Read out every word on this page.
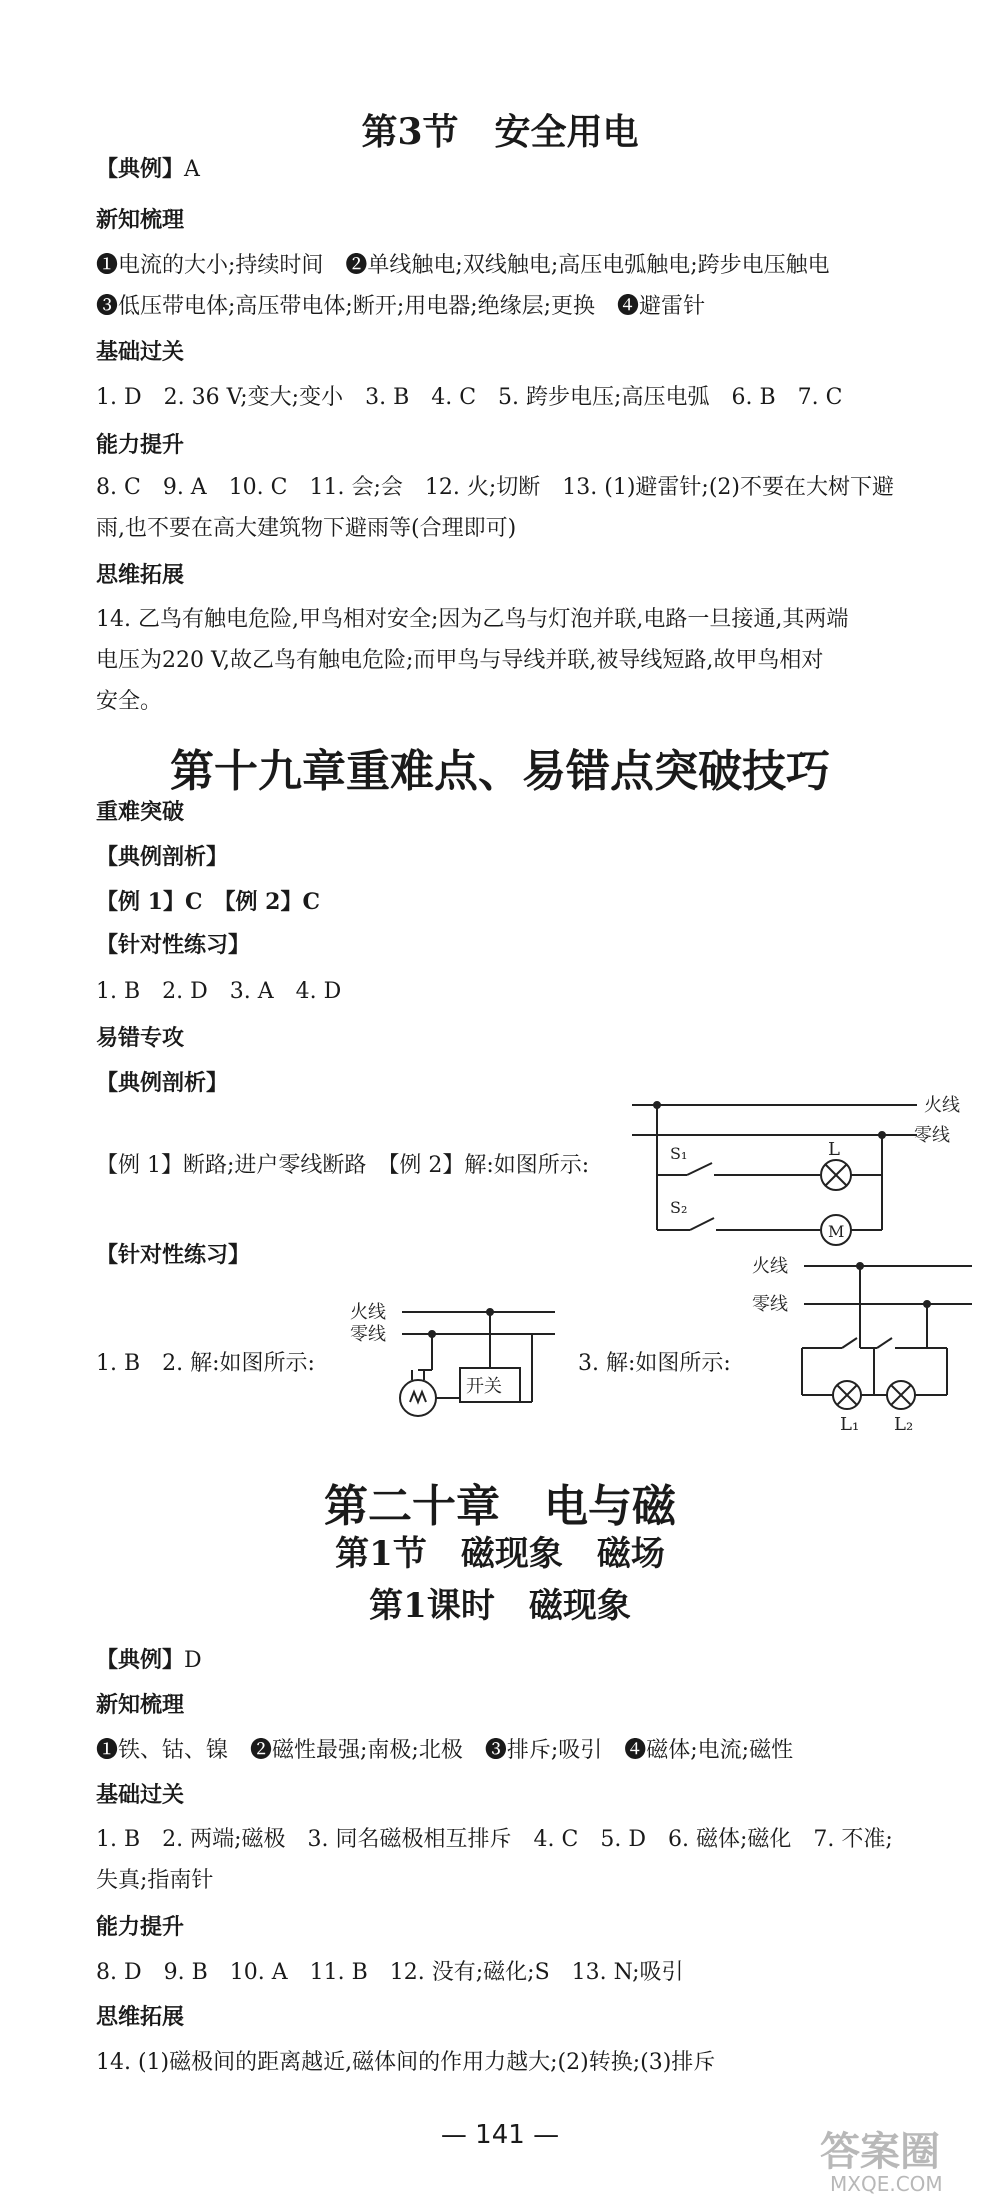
第3节　安全用电
【典例】A
新知梳理
❶电流的大小;持续时间　❷单线触电;双线触电;高压电弧触电;跨步电压触电
❸低压带电体;高压带电体;断开;用电器;绝缘层;更换　❹避雷针
基础过关
1. D　2. 36 V;变大;变小　3. B　4. C　5. 跨步电压;高压电弧　6. B　7. C
能力提升
8. C　9. A　10. C　11. 会;会　12. 火;切断　13. (1)避雷针;(2)不要在大树下避
雨,也不要在高大建筑物下避雨等(合理即可)
思维拓展
14. 乙鸟有触电危险,甲鸟相对安全;因为乙鸟与灯泡并联,电路一旦接通,其两端
电压为220 V,故乙鸟有触电危险;而甲鸟与导线并联,被导线短路,故甲鸟相对
安全。
第十九章重难点、易错点突破技巧
重难突破
【典例剖析】
【例 1】C　【例 2】C
【针对性练习】
1. B　2. D　3. A　4. D
易错专攻
【典例剖析】
【例 1】断路;进户零线断路　【例 2】解:如图所示:
火线
零线
L
S₁
M
S₂
【针对性练习】
1. B　2. 解:如图所示:
火线
零线
开关
3. 解:如图所示:
火线
零线
L₁ L₂
第二十章　电与磁
第1节　磁现象　磁场
第1课时　磁现象
【典例】D
新知梳理
❶铁、钴、镍　❷磁性最强;南极;北极　❸排斥;吸引　❹磁体;电流;磁性
基础过关
1. B　2. 两端;磁极　3. 同名磁极相互排斥　4. C　5. D　6. 磁体;磁化　7. 不准;
失真;指南针
能力提升
8. D　9. B　10. A　11. B　12. 没有;磁化;S　13. N;吸引
思维拓展
14. (1)磁极间的距离越近,磁体间的作用力越大;(2)转换;(3)排斥
— 141 —	答案圈
MXQE.COM
